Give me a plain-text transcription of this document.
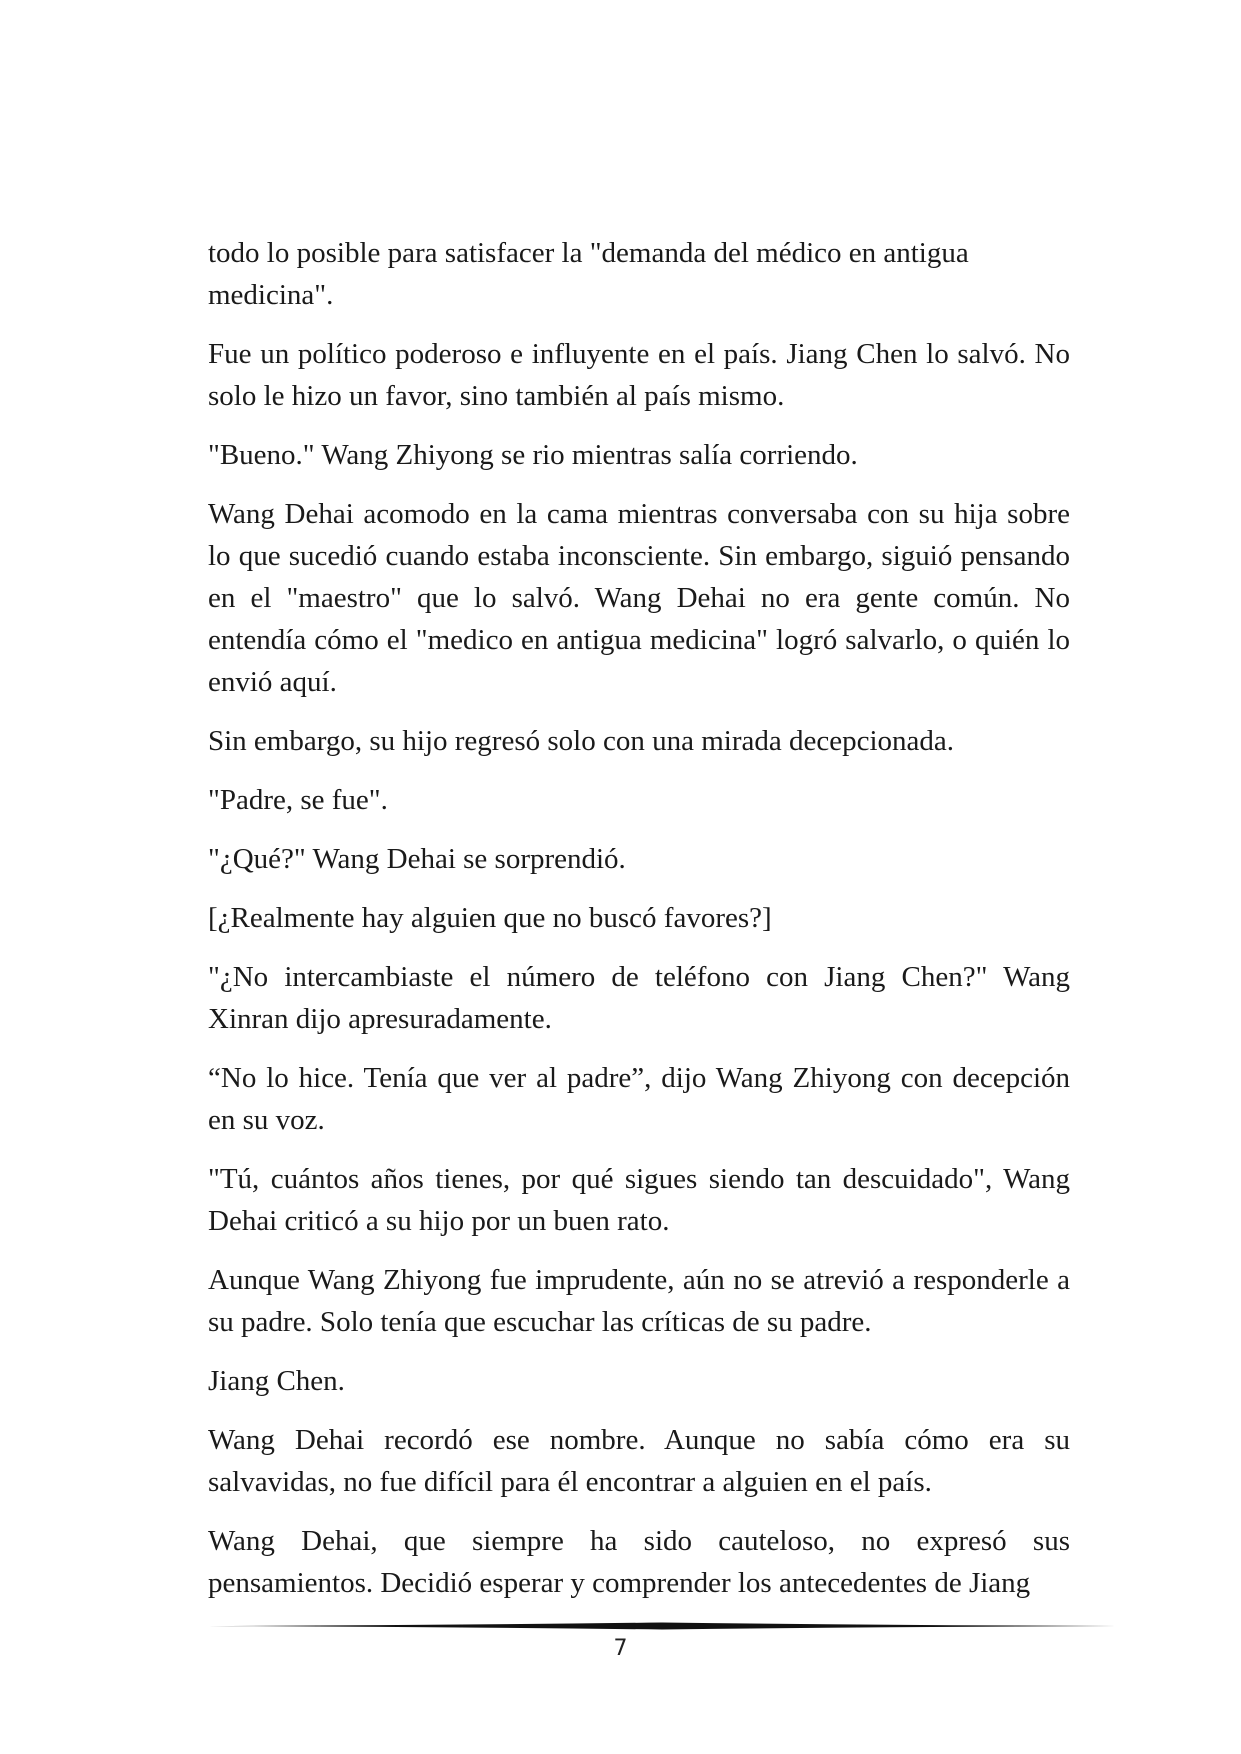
todo lo posible para satisfacer la "demanda del médico en antigua medicina".

Fue un político poderoso e influyente en el país. Jiang Chen lo salvó. No solo le hizo un favor, sino también al país mismo.

"Bueno." Wang Zhiyong se rio mientras salía corriendo.

Wang Dehai acomodo en la cama mientras conversaba con su hija sobre lo que sucedió cuando estaba inconsciente. Sin embargo, siguió pensando en el "maestro" que lo salvó. Wang Dehai no era gente común. No entendía cómo el "medico en antigua medicina" logró salvarlo, o quién lo envió aquí.

Sin embargo, su hijo regresó solo con una mirada decepcionada.

"Padre, se fue".

"¿Qué?" Wang Dehai se sorprendió.

[¿Realmente hay alguien que no buscó favores?]

"¿No intercambiaste el número de teléfono con Jiang Chen?" Wang Xinran dijo apresuradamente.

“No lo hice. Tenía que ver al padre”, dijo Wang Zhiyong con decepción en su voz.

"Tú, cuántos años tienes, por qué sigues siendo tan descuidado", Wang Dehai criticó a su hijo por un buen rato.

Aunque Wang Zhiyong fue imprudente, aún no se atrevió a responderle a su padre. Solo tenía que escuchar las críticas de su padre.

Jiang Chen.

Wang Dehai recordó ese nombre. Aunque no sabía cómo era su salvavidas, no fue difícil para él encontrar a alguien en el país.

Wang Dehai, que siempre ha sido cauteloso, no expresó sus pensamientos. Decidió esperar y comprender los antecedentes de Jiang

7
